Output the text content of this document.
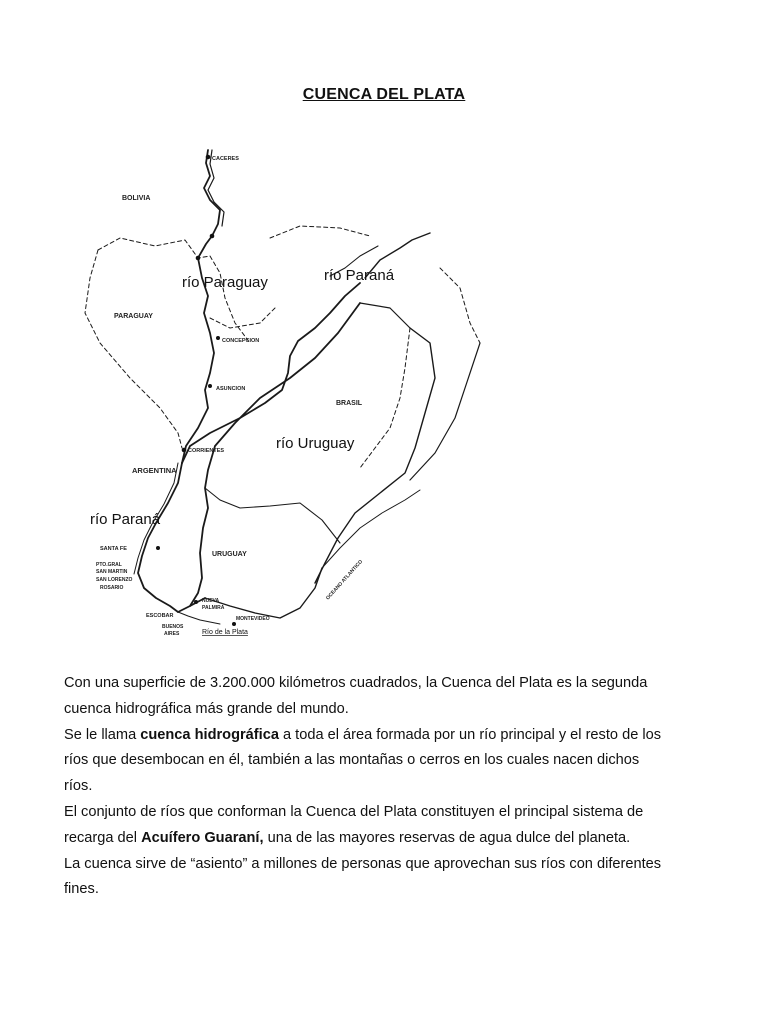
CUENCA DEL PLATA
CACERES
BOLIVIA
PARAGUAY
CONCEPCION
ASUNCION
BRASIL
CORRIENTES
ARGENTINA
SANTA FE
PTO.GRAL
SAN MARTIN
SAN LORENZO
ROSARIO
URUGUAY
NUEVA
PALMIRA
ESCOBAR
BUENOS
AIRES
MONTEVIDEO
OCEANO ATLANTICO
río Paraguay	río Paraná
río Uruguay
río Paraná
Río de la Plata

Con una superficie de 3.200.000 kilómetros cuadrados, la Cuenca del Plata es la segunda cuenca hidrográfica más grande del mundo.

Se le llama cuenca hidrográfica a toda el área formada por un río principal y el resto de los ríos que desembocan en él, también a las montañas o cerros en los cuales nacen dichos ríos.

El conjunto de ríos que conforman la Cuenca del Plata constituyen el principal sistema de recarga del Acuífero Guaraní, una de las mayores reservas de agua dulce del planeta.

La cuenca sirve de “asiento” a millones de personas que aprovechan sus ríos con diferentes fines.
